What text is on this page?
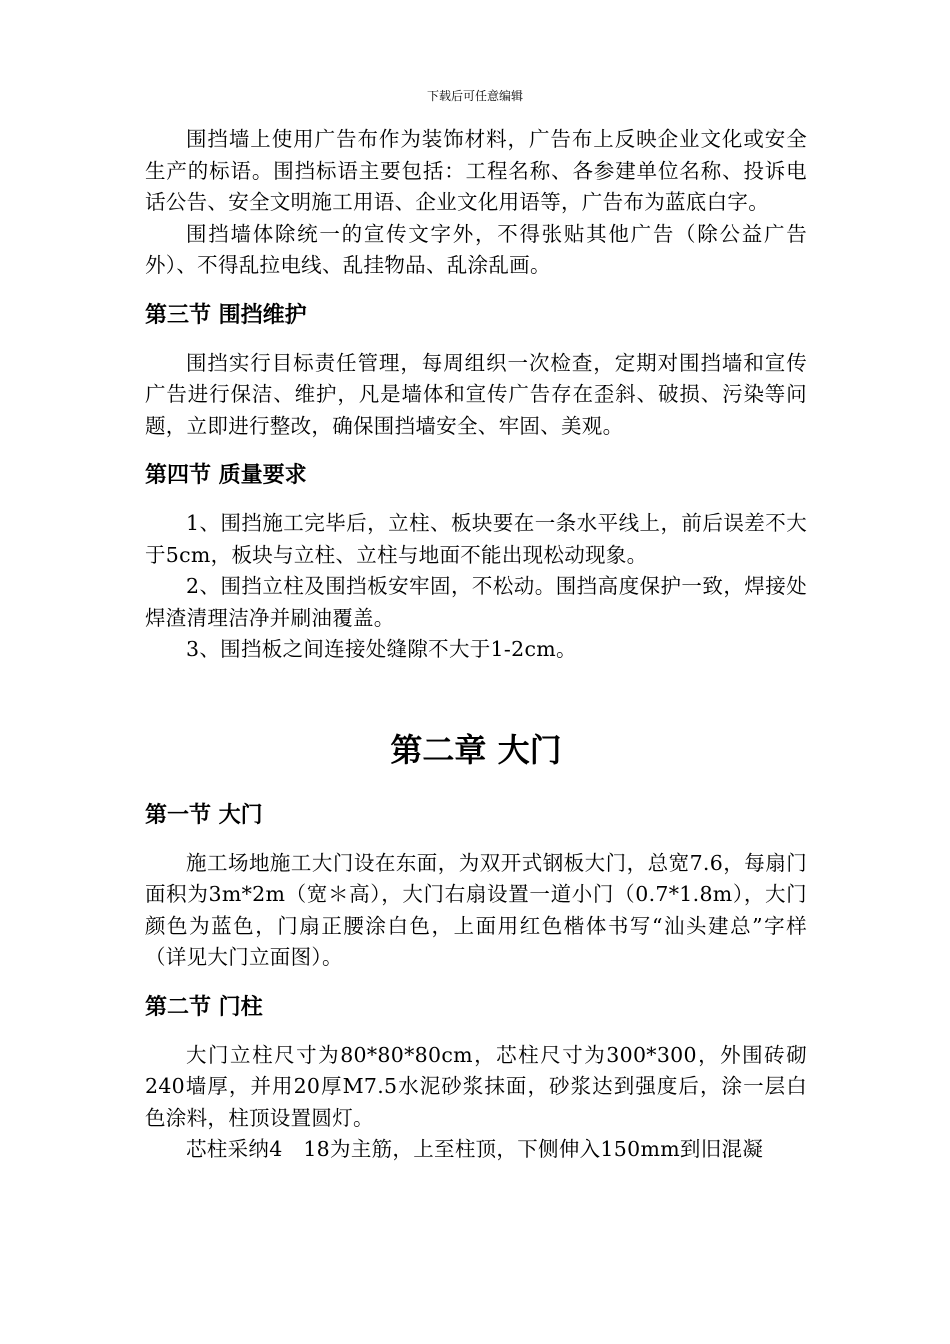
下载后可任意编辑

围挡墙上使用广告布作为装饰材料，广告布上反映企业文化或安全生产的标语。围挡标语主要包括：工程名称、各参建单位名称、投诉电话公告、安全文明施工用语、企业文化用语等，广告布为蓝底白字。

围挡墙体除统一的宣传文字外，不得张贴其他广告（除公益广告外）、不得乱拉电线、乱挂物品、乱涂乱画。

第三节 围挡维护

围挡实行目标责任管理，每周组织一次检查，定期对围挡墙和宣传广告进行保洁、维护，凡是墙体和宣传广告存在歪斜、破损、污染等问题，立即进行整改，确保围挡墙安全、牢固、美观。

第四节 质量要求

1、围挡施工完毕后，立柱、板块要在一条水平线上，前后误差不大于5cm，板块与立柱、立柱与地面不能出现松动现象。

2、围挡立柱及围挡板安牢固，不松动。围挡高度保护一致，焊接处焊渣清理洁净并刷油覆盖。

3、围挡板之间连接处缝隙不大于1-2cm。

第二章 大门
第一节 大门

施工场地施工大门设在东面，为双开式钢板大门，总宽7.6，每扇门面积为3m*2m（宽＊高），大门右扇设置一道小门（0.7*1.8m），大门颜色为蓝色，门扇正腰涂白色，上面用红色楷体书写“汕头建总”字样（详见大门立面图）。

第二节 门柱

大门立柱尺寸为80*80*80cm，芯柱尺寸为300*300，外围砖砌240墙厚，并用20厚M7.5水泥砂浆抹面，砂浆达到强度后，涂一层白色涂料，柱顶设置圆灯。

芯柱采纳4　18为主筋，上至柱顶，下侧伸入150mm到旧混凝
